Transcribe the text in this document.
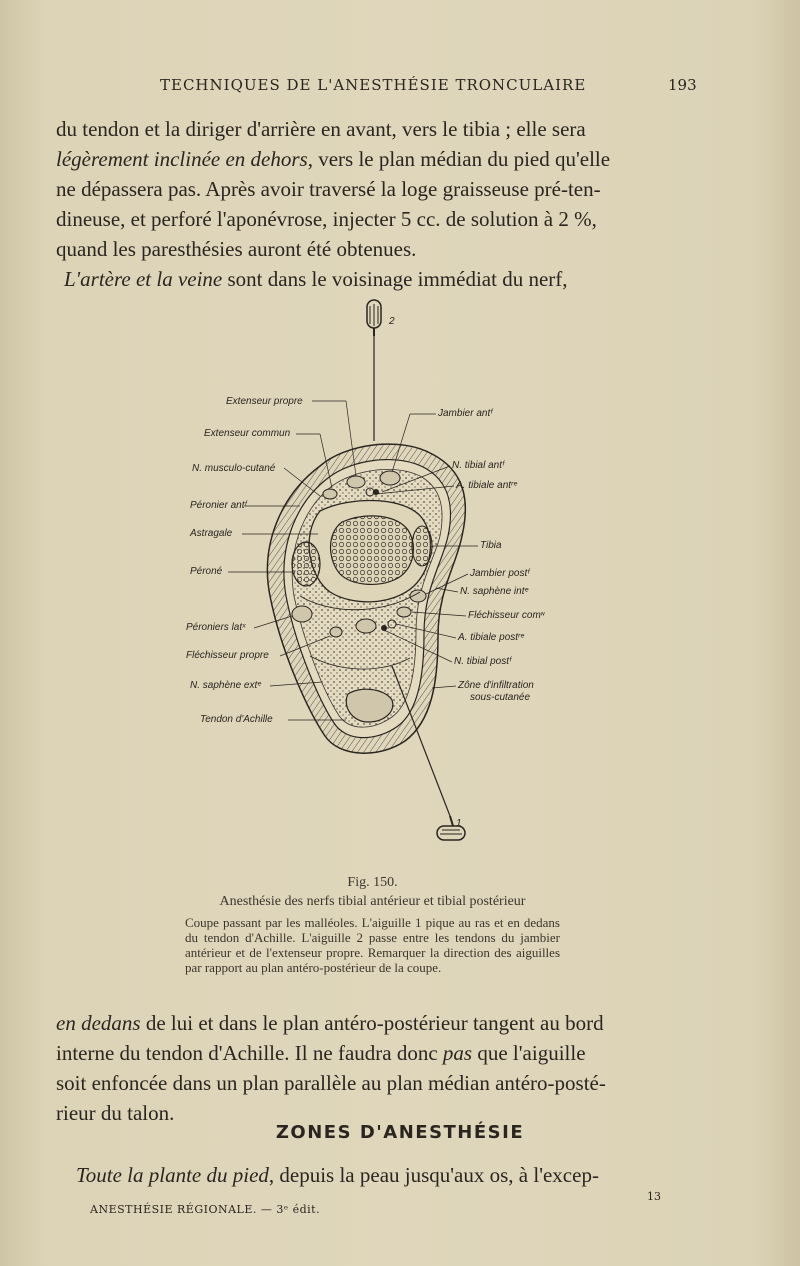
TECHNIQUES DE L'ANESTHÉSIE TRONCULAIRE	193

du tendon et la diriger d'arrière en avant, vers le tibia ; elle sera

légèrement inclinée en dehors, vers le plan médian du pied qu'elle

ne dépassera pas. Après avoir traversé la loge graisseuse pré-ten-

dineuse, et perforé l'aponévrose, injecter 5 cc. de solution à 2 %,

quand les paresthésies auront été obtenues.

L'artère et la veine sont dans le voisinage immédiat du nerf,

2
1
Extenseur propre
Extenseur commun
N. musculo-cutané
Péronier antᶠ
Astragale
Péroné
Péroniers latˣ
Fléchisseur propre
N. saphène extᵉ
Tendon d'Achille
Jambier antᶠ
N. tibial antᶠ
A. tibiale antʳᵉ
Tibia
Jambier postᶠ
N. saphène intᵉ
Fléchisseur comᶰ
A. tibiale postʳᵉ
N. tibial postᶠ
Zône d'infiltration
sous-cutanée
Fig. 150.
Anesthésie des nerfs tibial antérieur et tibial postérieur
Coupe passant par les malléoles. L'aiguille 1 pique au ras et en dedans du tendon d'Achille. L'aiguille 2 passe entre les tendons du jambier antérieur et de l'extenseur propre. Remarquer la direction des aiguilles par rapport au plan antéro-postérieur de la coupe.

en dedans de lui et dans le plan antéro-postérieur tangent au bord

interne du tendon d'Achille. Il ne faudra donc pas que l'aiguille

soit enfoncée dans un plan parallèle au plan médian antéro-posté-

rieur du talon.

ZONES D'ANESTHÉSIE
Toute la plante du pied, depuis la peau jusqu'aux os, à l'excep-
ANESTHÉSIE RÉGIONALE. — 3ᵉ édit.
13
